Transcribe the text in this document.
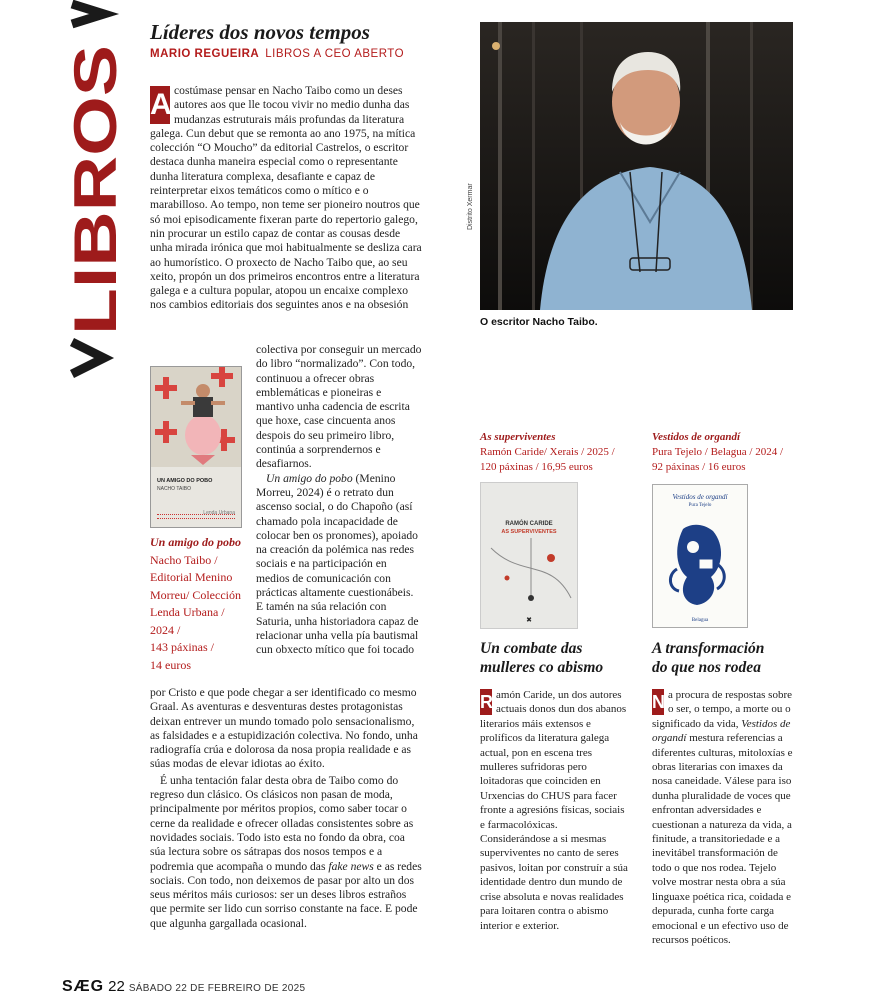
LIBROS
Líderes dos novos tempos
MARIO REGUEIRA LIBROS A CEO ABERTO

A costúmase pensar en Nacho Taibo como un deses autores aos que lle tocou vivir no medio dunha das mudanzas estruturais máis profundas da literatura galega. Cun debut que se remonta ao ano 1975, na mítica colección “O Moucho” da editorial Castrelos, o escritor destaca dunha maneira especial como o representante dunha literatura complexa, desafiante e capaz de reinterpretar eixos temáticos como o mítico e o marabilloso. Ao tempo, non teme ser pioneiro noutros que só moi episodicamente fixeran parte do repertorio galego, nin procurar un estilo capaz de contar as cousas desde unha mirada irónica que moi habitualmente se desliza cara ao humorístico. O proxecto de Nacho Taibo que, ao seu xeito, propón un dos primeiros encontros entre a literatura galega e a cultura popular, atopou un encaixe complexo nos cambios editoriais dos seguintes anos e na obsesión

colectiva por conseguir un mercado do libro “normalizado”. Con todo, continuou a ofrecer obras emblemáticas e pioneiras e mantivo unha cadencia de escrita que hoxe, case cincuenta anos despois do seu primeiro libro, continúa a sorprendernos e desafiarnos.

Un amigo do pobo (Menino Morreu, 2024) é o retrato dun ascenso social, o do Chapoño (así chamado pola incapacidade de colocar ben os pronomes), apoiado na creación da polémica nas redes sociais e na participación en medios de comunicación con prácticas altamente cuestionábeis. E tamén na súa relación con Saturia, unha historiadora capaz de relacionar unha vella pía bautismal cun obxecto mítico que foi tocado

por Cristo e que pode chegar a ser identificado co mesmo Graal. As aventuras e desventuras destes protagonistas deixan entrever un mundo tomado polo sensacionalismo, as falsidades e a estupidización colectiva. No fondo, unha radiografía crúa e dolorosa da nosa propia realidade e as súas modas de elevar idiotas ao éxito.

É unha tentación falar desta obra de Taibo como do regreso dun clásico. Os clásicos non pasan de moda, principalmente por méritos propios, como saber tocar o cerne da realidade e ofrecer olladas consistentes sobre as novidades sociais. Todo isto esta no fondo da obra, coa súa lectura sobre os sátrapas dos nosos tempos e a podremia que acompaña o mundo das fake news e as redes sociais. Con todo, non deixemos de pasar por alto un dos seus méritos máis curiosos: ser un deses libros estraños que permite ser lido cun sorriso constante na face. E pode que algunha gargallada ocasional.

UN AMIGO DO POBO
NACHO TAIBO
Lenda Urbana

Un amigo do pobo
Nacho Taibo /
Editorial Menino Morreu/ Colección Lenda Urbana /
2024 /
143 páxinas /
14 euros

Distrito Xermar
O escritor Nacho Taibo.

As superviventes
Ramón Caride/ Xerais / 2025 /
120 páxinas / 16,95 euros

RAMÓN CARIDE
AS SUPERVIVENTES
✖

Un combate das
mulleres co abismo

R amón Caride, un dos autores actuais donos dun dos abanos literarios máis extensos e prolíficos da literatura galega actual, pon en escena tres mulleres sufridoras pero loitadoras que coinciden en Urxencias do CHUS para facer fronte a agresións físicas, sociais e farmacolóxicas. Considerándose a si mesmas superviventes no canto de seres pasivos, loitan por construír a súa identidade dentro dun mundo de crise absoluta e novas realidades para loitaren contra o abismo interior e exterior.

Vestidos de organdí
Pura Tejelo / Belagua / 2024 /
92 páxinas / 16 euros

Vestidos de organdí
Pura Tejelo
Belagua

A transformación
do que nos rodea

N a procura de respostas sobre o ser, o tempo, a morte ou o significado da vida, Vestidos de organdí mestura referencias a diferentes culturas, mitoloxías e obras literarias con imaxes da nosa caneidade. Válese para iso dunha pluralidade de voces que enfrontan adversidades e cuestionan a natureza da vida, a finitude, a transitoriedade e a inevitábel transformación de todo o que nos rodea. Tejelo volve mostrar nesta obra a súa linguaxe poética rica, coidada e depurada, cunha forte carga emocional e un efectivo uso de recursos poéticos.

SÆG 22 SÁBADO 22 DE FEBREIRO DE 2025
